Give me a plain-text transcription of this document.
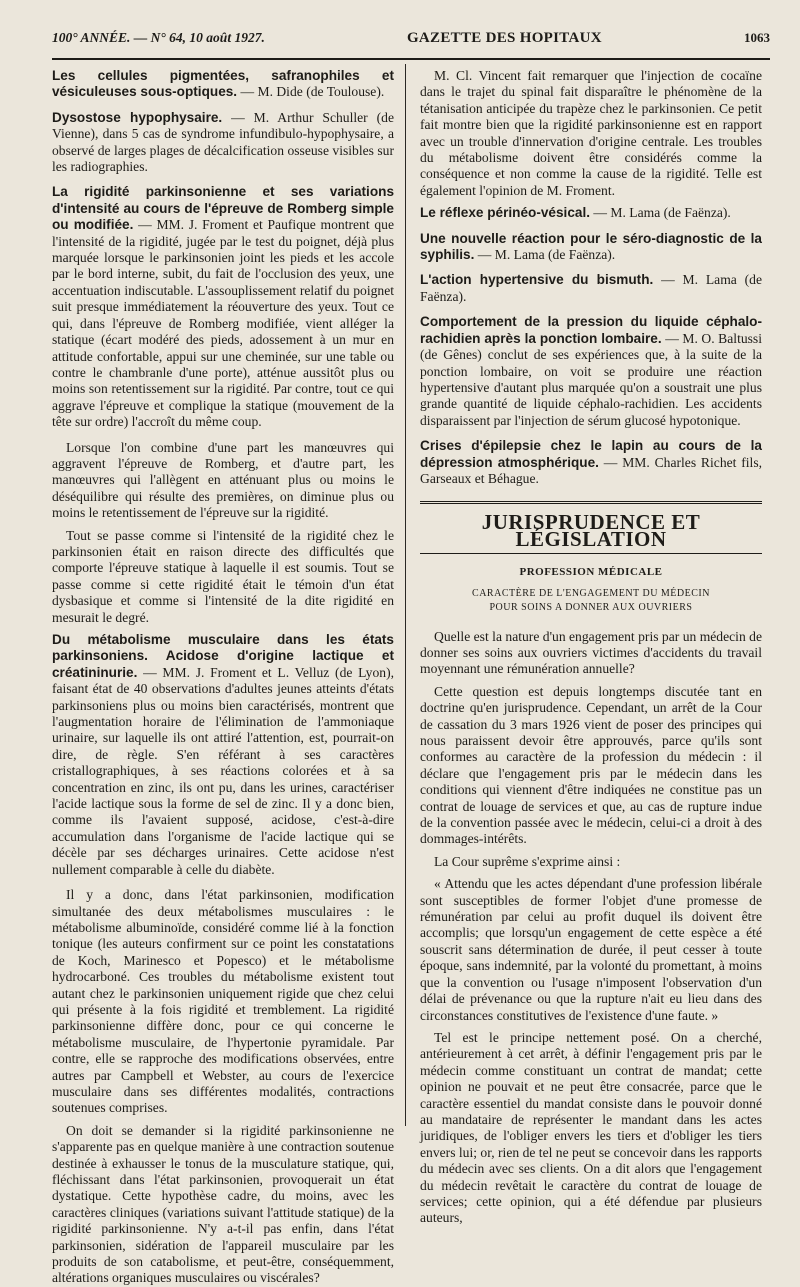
100° ANNÉE. — N° 64, 10 août 1927.	GAZETTE DES HOPITAUX	1063

Les cellules pigmentées, safranophiles et vésiculeuses sous-optiques. — M. Dide (de Toulouse).

Dysostose hypophysaire. — M. Arthur Schuller (de Vienne), dans 5 cas de syndrome infundibulo-hypophysaire, a observé de larges plages de décalcification osseuse visibles sur les radiographies.

La rigidité parkinsonienne et ses variations d'intensité au cours de l'épreuve de Romberg simple ou modifiée. — MM. J. Froment et Paufique montrent que l'intensité de la rigidité, jugée par le test du poignet, déjà plus marquée lorsque le parkinsonien joint les pieds et les accole par le bord interne, subit, du fait de l'occlusion des yeux, une accentuation indiscutable. L'assouplissement relatif du poignet suit presque immédiatement la réouverture des yeux. Tout ce qui, dans l'épreuve de Romberg modifiée, vient alléger la statique (écart modéré des pieds, adossement à un mur en attitude confortable, appui sur une cheminée, sur une table ou contre le chambranle d'une porte), atténue aussitôt plus ou moins son retentissement sur la rigidité. Par contre, tout ce qui aggrave l'épreuve et complique la statique (mouvement de la tête sur ordre) l'accroît du même coup.

Lorsque l'on combine d'une part les manœuvres qui aggravent l'épreuve de Romberg, et d'autre part, les manœuvres qui l'allègent en atténuant plus ou moins le déséquilibre qui résulte des premières, on diminue plus ou moins le retentissement de l'épreuve sur la rigidité.

Tout se passe comme si l'intensité de la rigidité chez le parkinsonien était en raison directe des difficultés que comporte l'épreuve statique à laquelle il est soumis. Tout se passe comme si cette rigidité était le témoin d'un état dysbasique et comme si l'intensité de la dite rigidité en mesurait le degré.

Du métabolisme musculaire dans les états parkinsoniens. Acidose d'origine lactique et créatininurie. — MM. J. Froment et L. Velluz (de Lyon), faisant état de 40 observations d'adultes jeunes atteints d'états parkinsoniens plus ou moins bien caractérisés, montrent que l'augmentation horaire de l'élimination de l'ammoniaque urinaire, sur laquelle ils ont attiré l'attention, est, pourrait-on dire, de règle. S'en référant à ses caractères cristallographiques, à ses réactions colorées et à sa concentration en zinc, ils ont pu, dans les urines, caractériser l'acide lactique sous la forme de sel de zinc. Il y a donc bien, comme ils l'avaient supposé, acidose, c'est-à-dire accumulation dans l'organisme de l'acide lactique qui se décèle par ses décharges urinaires. Cette acidose n'est nullement comparable à celle du diabète.

Il y a donc, dans l'état parkinsonien, modification simultanée des deux métabolismes musculaires : le métabolisme albuminoïde, considéré comme lié à la fonction tonique (les auteurs confirment sur ce point les constatations de Koch, Marinesco et Popesco) et le métabolisme hydrocarboné. Ces troubles du métabolisme existent tout autant chez le parkinsonien uniquement rigide que chez celui qui présente à la fois rigidité et tremblement. La rigidité parkinsonienne diffère donc, pour ce qui concerne le métabolisme musculaire, de l'hypertonie pyramidale. Par contre, elle se rapproche des modifications observées, entre autres par Campbell et Webster, au cours de l'exercice musculaire dans ses différentes modalités, contractions soutenues comprises.

On doit se demander si la rigidité parkinsonienne ne s'apparente pas en quelque manière à une contraction soutenue destinée à exhausser le tonus de la musculature statique, qui, fléchissant dans l'état parkinsonien, provoquerait un état dystatique. Cette hypothèse cadre, du moins, avec les caractères cliniques (variations suivant l'attitude statique) de la rigidité parkinsonienne. N'y a-t-il pas enfin, dans l'état parkinsonien, sidération de l'appareil musculaire par les produits de son catabolisme, et peut-être, conséquemment, altérations organiques musculaires ou viscérales?

M. Cl. Vincent fait remarquer que l'injection de cocaïne dans le trajet du spinal fait disparaître le phénomène de la tétanisation anticipée du trapèze chez le parkinsonien. Ce petit fait montre bien que la rigidité parkinsonienne est en rapport avec un trouble d'innervation d'origine centrale. Les troubles du métabolisme doivent être considérés comme la conséquence et non comme la cause de la rigidité. Telle est également l'opinion de M. Froment.

Le réflexe périnéo-vésical. — M. Lama (de Faënza).

Une nouvelle réaction pour le séro-diagnostic de la syphilis. — M. Lama (de Faënza).

L'action hypertensive du bismuth. — M. Lama (de Faënza).

Comportement de la pression du liquide céphalo-rachidien après la ponction lombaire. — M. O. Baltussi (de Gênes) conclut de ses expériences que, à la suite de la ponction lombaire, on voit se produire une réaction hypertensive d'autant plus marquée qu'on a soustrait une plus grande quantité de liquide céphalo-rachidien. Les accidents disparaissent par l'injection de sérum glucosé hypotonique.

Crises d'épilepsie chez le lapin au cours de la dépression atmosphérique. — MM. Charles Richet fils, Garseaux et Béhague.

JURISPRUDENCE ET LÉGISLATION
PROFESSION MÉDICALE
CARACTÈRE DE L'ENGAGEMENT DU MÉDECIN
POUR SOINS A DONNER AUX OUVRIERS

Quelle est la nature d'un engagement pris par un médecin de donner ses soins aux ouvriers victimes d'accidents du travail moyennant une rémunération annuelle?

Cette question est depuis longtemps discutée tant en doctrine qu'en jurisprudence. Cependant, un arrêt de la Cour de cassation du 3 mars 1926 vient de poser des principes qui nous paraissent devoir être approuvés, parce qu'ils sont conformes au caractère de la profession du médecin : il déclare que l'engagement pris par le médecin dans les conditions qui viennent d'être indiquées ne constitue pas un contrat de louage de services et que, au cas de rupture indue de la convention passée avec le médecin, celui-ci a droit à des dommages-intérêts.

La Cour suprême s'exprime ainsi :

« Attendu que les actes dépendant d'une profession libérale sont susceptibles de former l'objet d'une promesse de rémunération par celui au profit duquel ils doivent être accomplis; que lorsqu'un engagement de cette espèce a été souscrit sans détermination de durée, il peut cesser à toute époque, sans indemnité, par la volonté du promettant, à moins que la convention ou l'usage n'imposent l'observation d'un délai de prévenance ou que la rupture n'ait eu lieu dans des circonstances constitutives de l'existence d'une faute. »

Tel est le principe nettement posé. On a cherché, antérieurement à cet arrêt, à définir l'engagement pris par le médecin comme constituant un contrat de mandat; cette opinion ne pouvait et ne peut être consacrée, parce que le caractère essentiel du mandat consiste dans le pouvoir donné au mandataire de représenter le mandant dans les actes juridiques, de l'obliger envers les tiers et d'obliger les tiers envers lui; or, rien de tel ne peut se concevoir dans les rapports du médecin avec ses clients. On a dit alors que l'engagement du médecin revêtait le caractère du contrat de louage de services; cette opinion, qui a été défendue par plusieurs auteurs,
